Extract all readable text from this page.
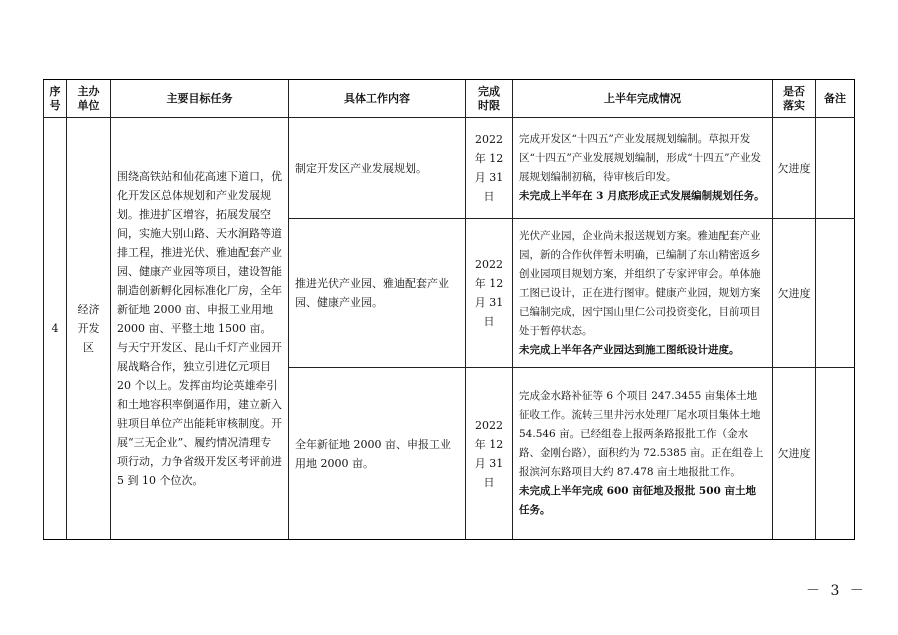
序号
主办单位
主要目标任务	具体工作内容
完成时限
上半年完成情况
是否落实
备注
4
经济开发区
围绕高铁站和仙花高速下道口，优化开发区总体规划和产业发展规划。推进扩区增容，拓展发展空间，实施大别山路、天水涧路等道排工程，推进光伏、雅迪配套产业园、健康产业园等项目，建设智能制造创新孵化园标准化厂房，全年新征地 2000 亩、申报工业用地 2000 亩、平整土地 1500 亩。与天宁开发区、昆山千灯产业园开展战略合作，独立引进亿元项目 20 个以上。发挥亩均论英雄牵引和土地容积率倒逼作用，建立新入驻项目单位产出能耗审核制度。开展“三无企业”、履约情况清理专项行动，力争省级开发区考评前进 5 到 10 个位次。
制定开发区产业发展规划。
2022 年 12 月 31 日
完成开发区“十四五”产业发展规划编制。草拟开发区“十四五”产业发展规划编制，形成“十四五”产业发展规划编制初稿，待审核后印发。
未完成上半年在 3 月底形成正式发展编制规划任务。
欠进度
推进光伏产业园、雅迪配套产业园、健康产业园。
2022 年 12 月 31 日
光伏产业园，企业尚未报送规划方案。雅迪配套产业园，新的合作伙伴暂未明确，已编制了东山精密返乡创业园项目规划方案，并组织了专家评审会。单体施工图已设计，正在进行图审。健康产业园，规划方案已编制完成，因宁国山里仁公司投资变化，目前项目处于暂停状态。
未完成上半年各产业园达到施工图纸设计进度。
欠进度
全年新征地 2000 亩、申报工业用地 2000 亩。
2022 年 12 月 31 日
完成金水路补征等 6 个项目 247.3455 亩集体土地征收工作。流转三里井污水处理厂尾水项目集体土地 54.546 亩。已经组卷上报两条路报批工作（金水路、金刚台路），面积约为 72.5385 亩。正在组卷上报滨河东路项目大约 87.478 亩土地报批工作。
未完成上半年完成 600 亩征地及报批 500 亩土地任务。
欠进度
－ 3 －
